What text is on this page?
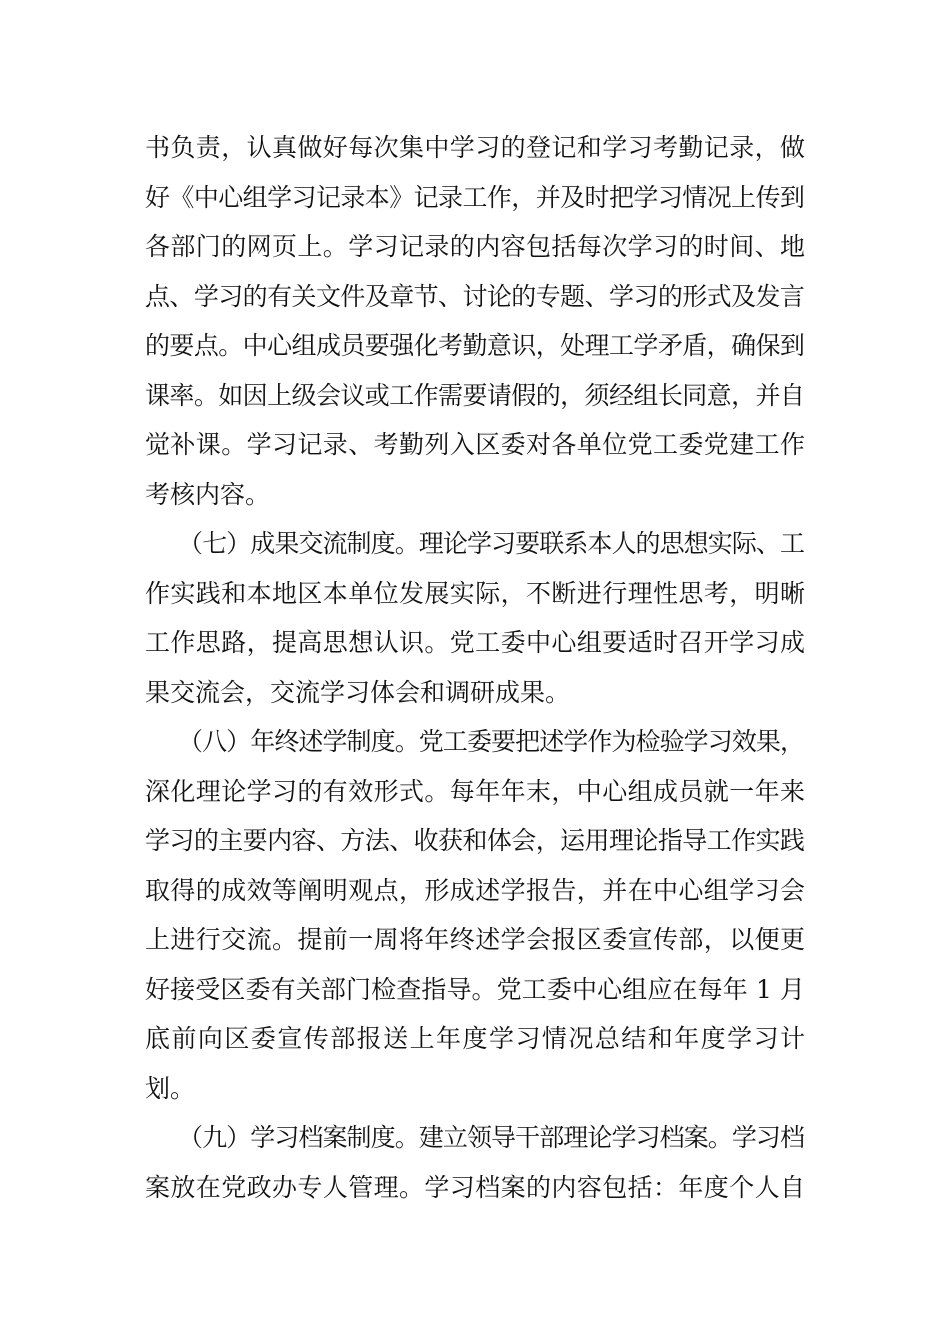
书负责，认真做好每次集中学习的登记和学习考勤记录，做

好《中心组学习记录本》记录工作，并及时把学习情况上传到

各部门的网页上。学习记录的内容包括每次学习的时间、地

点、学习的有关文件及章节、讨论的专题、学习的形式及发言

的要点。中心组成员要强化考勤意识，处理工学矛盾，确保到

课率。如因上级会议或工作需要请假的，须经组长同意，并自

觉补课。学习记录、考勤列入区委对各单位党工委党建工作

考核内容。

（七）成果交流制度。理论学习要联系本人的思想实际、工

作实践和本地区本单位发展实际，不断进行理性思考，明晰

工作思路，提高思想认识。党工委中心组要适时召开学习成

果交流会，交流学习体会和调研成果。

（八）年终述学制度。党工委要把述学作为检验学习效果，

深化理论学习的有效形式。每年年末，中心组成员就一年来

学习的主要内容、方法、收获和体会，运用理论指导工作实践

取得的成效等阐明观点，形成述学报告，并在中心组学习会

上进行交流。提前一周将年终述学会报区委宣传部，以便更

好接受区委有关部门检查指导。党工委中心组应在每年 1 月

底前向区委宣传部报送上年度学习情况总结和年度学习计

划。

（九）学习档案制度。建立领导干部理论学习档案。学习档

案放在党政办专人管理。学习档案的内容包括：年度个人自
